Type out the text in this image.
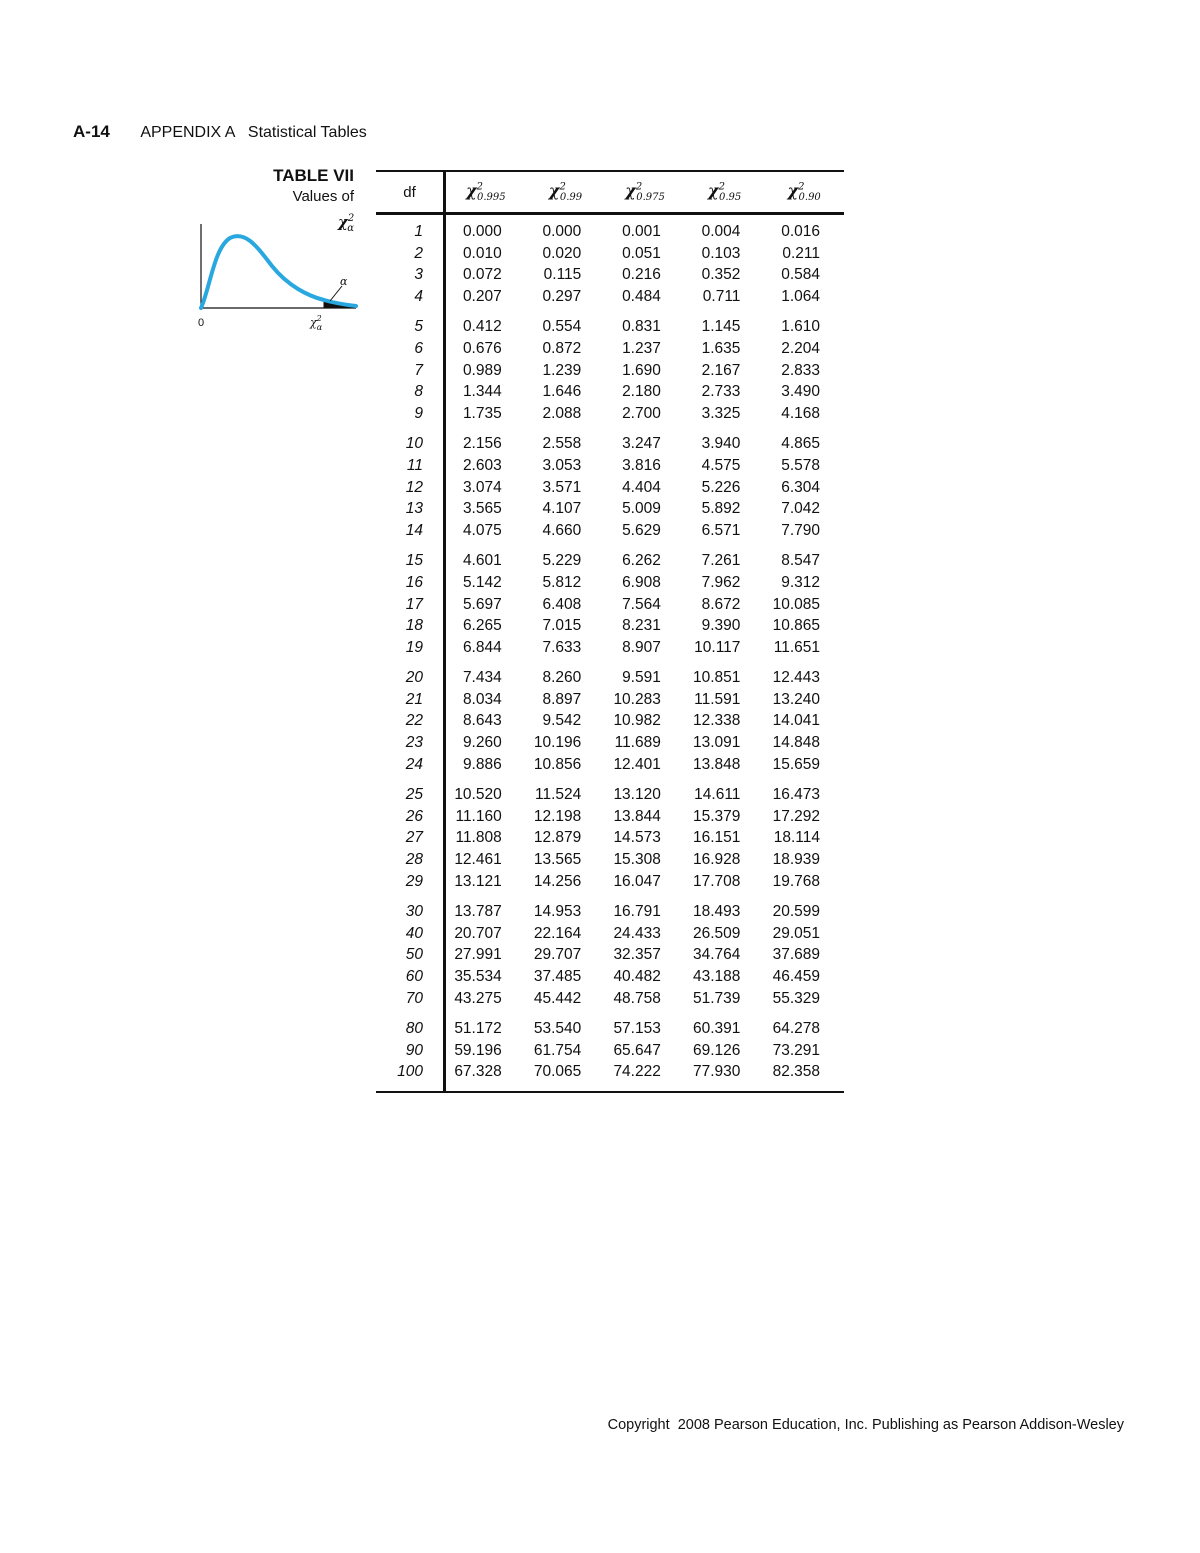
A-14 APPENDIX A   Statistical Tables
TABLE VII
Values of $\chi^2_\alpha$
α
0	$\chi^2$ α
df	$\chi^2_{0.995}$	$\chi^2_{0.99}$	$\chi^2_{0.975}$	$\chi^2_{0.95}$	$\chi^2_{0.90}$
1	0.000	0.000	0.001	0.004	0.016
2	0.010	0.020	0.051	0.103	0.211
3	0.072	0.115	0.216	0.352	0.584
4	0.207	0.297	0.484	0.711	1.064
5	0.412	0.554	0.831	1.145	1.610
6	0.676	0.872	1.237	1.635	2.204
7	0.989	1.239	1.690	2.167	2.833
8	1.344	1.646	2.180	2.733	3.490
9	1.735	2.088	2.700	3.325	4.168
10	2.156	2.558	3.247	3.940	4.865
11	2.603	3.053	3.816	4.575	5.578
12	3.074	3.571	4.404	5.226	6.304
13	3.565	4.107	5.009	5.892	7.042
14	4.075	4.660	5.629	6.571	7.790
15	4.601	5.229	6.262	7.261	8.547
16	5.142	5.812	6.908	7.962	9.312
17	5.697	6.408	7.564	8.672	10.085
18	6.265	7.015	8.231	9.390	10.865
19	6.844	7.633	8.907	10.117	11.651
20	7.434	8.260	9.591	10.851	12.443
21	8.034	8.897	10.283	11.591	13.240
22	8.643	9.542	10.982	12.338	14.041
23	9.260	10.196	11.689	13.091	14.848
24	9.886	10.856	12.401	13.848	15.659
25	10.520	11.524	13.120	14.611	16.473
26	11.160	12.198	13.844	15.379	17.292
27	11.808	12.879	14.573	16.151	18.114
28	12.461	13.565	15.308	16.928	18.939
29	13.121	14.256	16.047	17.708	19.768
30	13.787	14.953	16.791	18.493	20.599
40	20.707	22.164	24.433	26.509	29.051
50	27.991	29.707	32.357	34.764	37.689
60	35.534	37.485	40.482	43.188	46.459
70	43.275	45.442	48.758	51.739	55.329
80	51.172	53.540	57.153	60.391	64.278
90	59.196	61.754	65.647	69.126	73.291
100	67.328	70.065	74.222	77.930	82.358
Copyright  2008 Pearson Education, Inc. Publishing as Pearson Addison-Wesley
